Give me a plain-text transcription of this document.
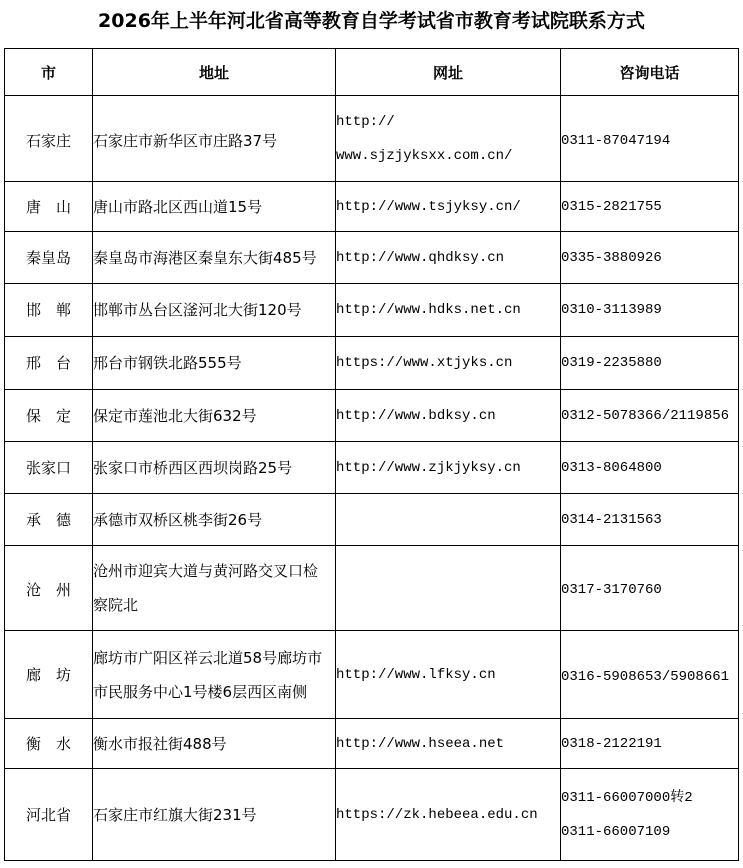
2026年上半年河北省高等教育自学考试省市教育考试院联系方式
市	地址	网址	咨询电话

石家庄	石家庄市新华区市庄路37号	http://
www.sjzjyksxx.com.cn/	0311-87047194

唐　山	唐山市路北区西山道15号	http://www.tsjyksy.cn/	0315-2821755

秦皇岛	秦皇岛市海港区秦皇东大街485号	http://www.qhdksy.cn	0335-3880926

邯　郸	邯郸市丛台区滏河北大街120号	http://www.hdks.net.cn	0310-3113989

邢　台	邢台市钢铁北路555号	https://www.xtjyks.cn	0319-2235880

保　定	保定市莲池北大街632号	http://www.bdksy.cn	0312-5078366/2119856

张家口	张家口市桥西区西坝岗路25号	http://www.zjkjyksy.cn	0313-8064800

承　德	承德市双桥区桃李街26号		0314-2131563

沧　州	沧州市迎宾大道与黄河路交叉口检
察院北		0317-3170760

廊　坊	廊坊市广阳区祥云北道58号廊坊市
市民服务中心1号楼6层西区南侧	http://www.lfksy.cn	0316-5908653/5908661

衡　水	衡水市报社街488号	http://www.hseea.net	0318-2122191

河北省	石家庄市红旗大街231号	https://zk.hebeea.edu.cn	0311-66007000转2
0311-66007109
